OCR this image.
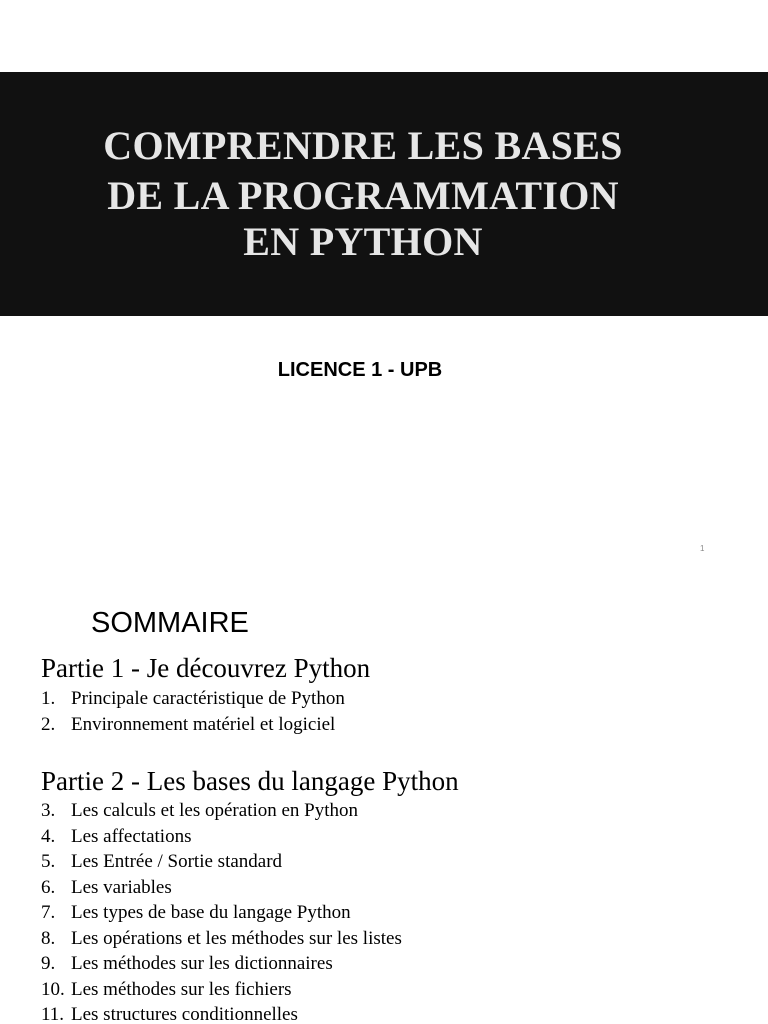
COMPRENDRE LES BASES
DE LA PROGRAMMATION
EN PYTHON
LICENCE 1 - UPB
1
SOMMAIRE
Partie 1 - Je découvrez Python
1. Principale caractéristique de Python
2. Environnement matériel et logiciel
Partie 2 - Les bases du langage Python
3. Les calculs et les opération en Python
4. Les affectations
5. Les Entrée / Sortie standard
6. Les variables
7. Les types de base du langage Python
8. Les opérations et les méthodes sur les listes
9. Les méthodes sur les dictionnaires
10. Les méthodes sur les fichiers
11. Les structures conditionnelles
